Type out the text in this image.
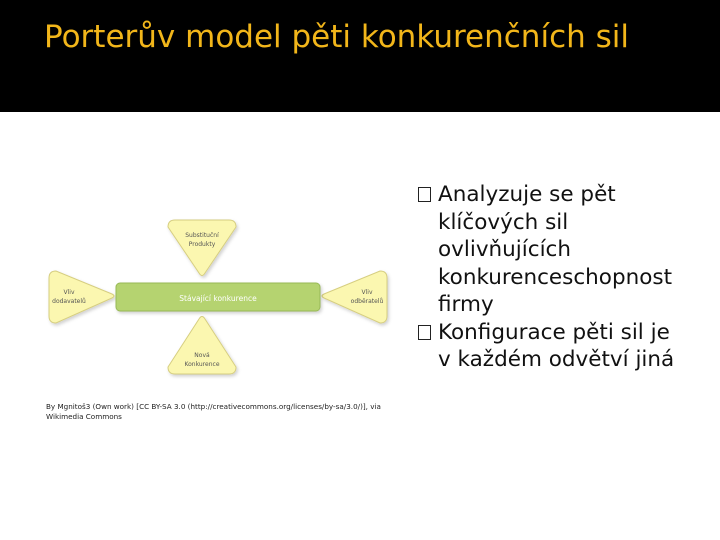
Porterův model pěti konkurenčních sil
Stávající konkurence
Substituční
Produkty
Nová
Konkurence
Vliv
dodavatelů
Vliv
odběratelů
By Mgnitoš3 (Own work) [CC BY-SA 3.0 (http://creativecommons.org/licenses/by-sa/3.0/)], via Wikimedia Commons
Analyzuje se pět klíčových sil ovlivňujících konkurenceschopnost firmy
Konfigurace pěti sil je v každém odvětví jiná
